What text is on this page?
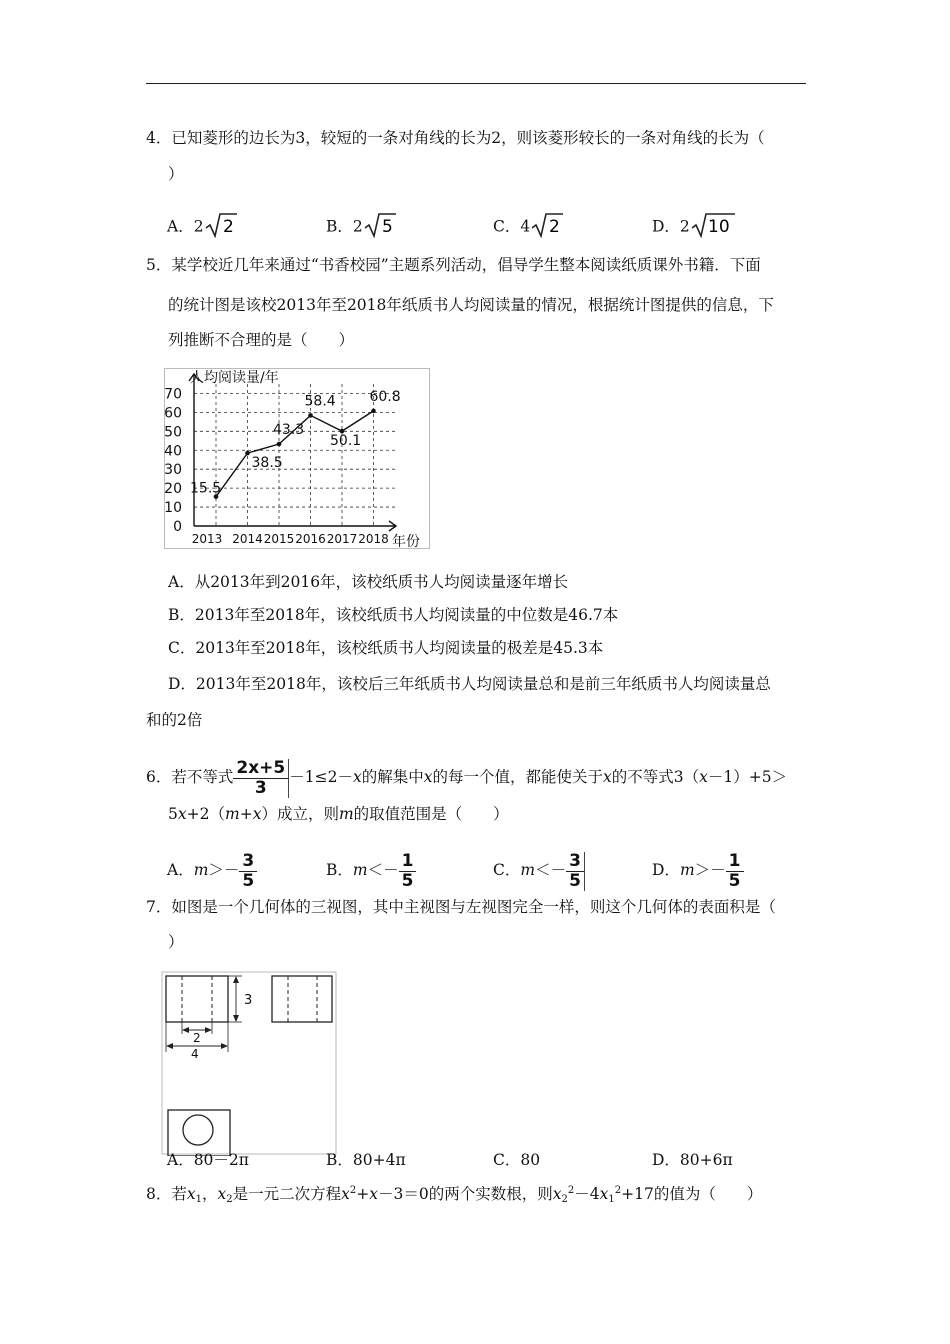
4．已知菱形的边长为3，较短的一条对角线的长为2，则该菱形较长的一条对角线的长为（
）
A．2 2	B．2 5	C．4 2	D．2 10
5．某学校近几年来通过“书香校园”主题系列活动，倡导学生整本阅读纸质课外书籍．下面
的统计图是该校2013年至2018年纸质书人均阅读量的情况，根据统计图提供的信息，下
列推断不合理的是（　　）
0
10
20
30
40
50
60
70
2013 2014 2015 2016 2017 2018
15.5
38.5
43.3
58.4
50.1
60.8
人均阅读量/年
年份
A．从2013年到2016年，该校纸质书人均阅读量逐年增长
B．2013年至2018年，该校纸质书人均阅读量的中位数是46.7本
C．2013年至2018年，该校纸质书人均阅读量的极差是45.3本
D．2013年至2018年，该校后三年纸质书人均阅读量总和是前三年纸质书人均阅读量总
和的2倍
6．若不等式 $\frac{2x+5}{3} -1\le 2-x$的解集中x的每一个值，都能使关于x的不等式3（x－1）+5＞
5x+2（m+x）成立，则m的取值范围是（　　）
A．$m>- \frac{3}{5}$	B．$m<- \frac{1}{5}$	C．$m<- \frac{3}{5}$	D．$m>- \frac{1}{5}$
7．如图是一个几何体的三视图，其中主视图与左视图完全一样，则这个几何体的表面积是（
）
3
2
4
A．80－2π	B．80+4π	C．80	D．80+6π
8．若$x_1$，$x_2$是一元二次方程$x^2+x-3=0$的两个实数根，则$x_2^2-4x_1^2+17$的值为（　　）
